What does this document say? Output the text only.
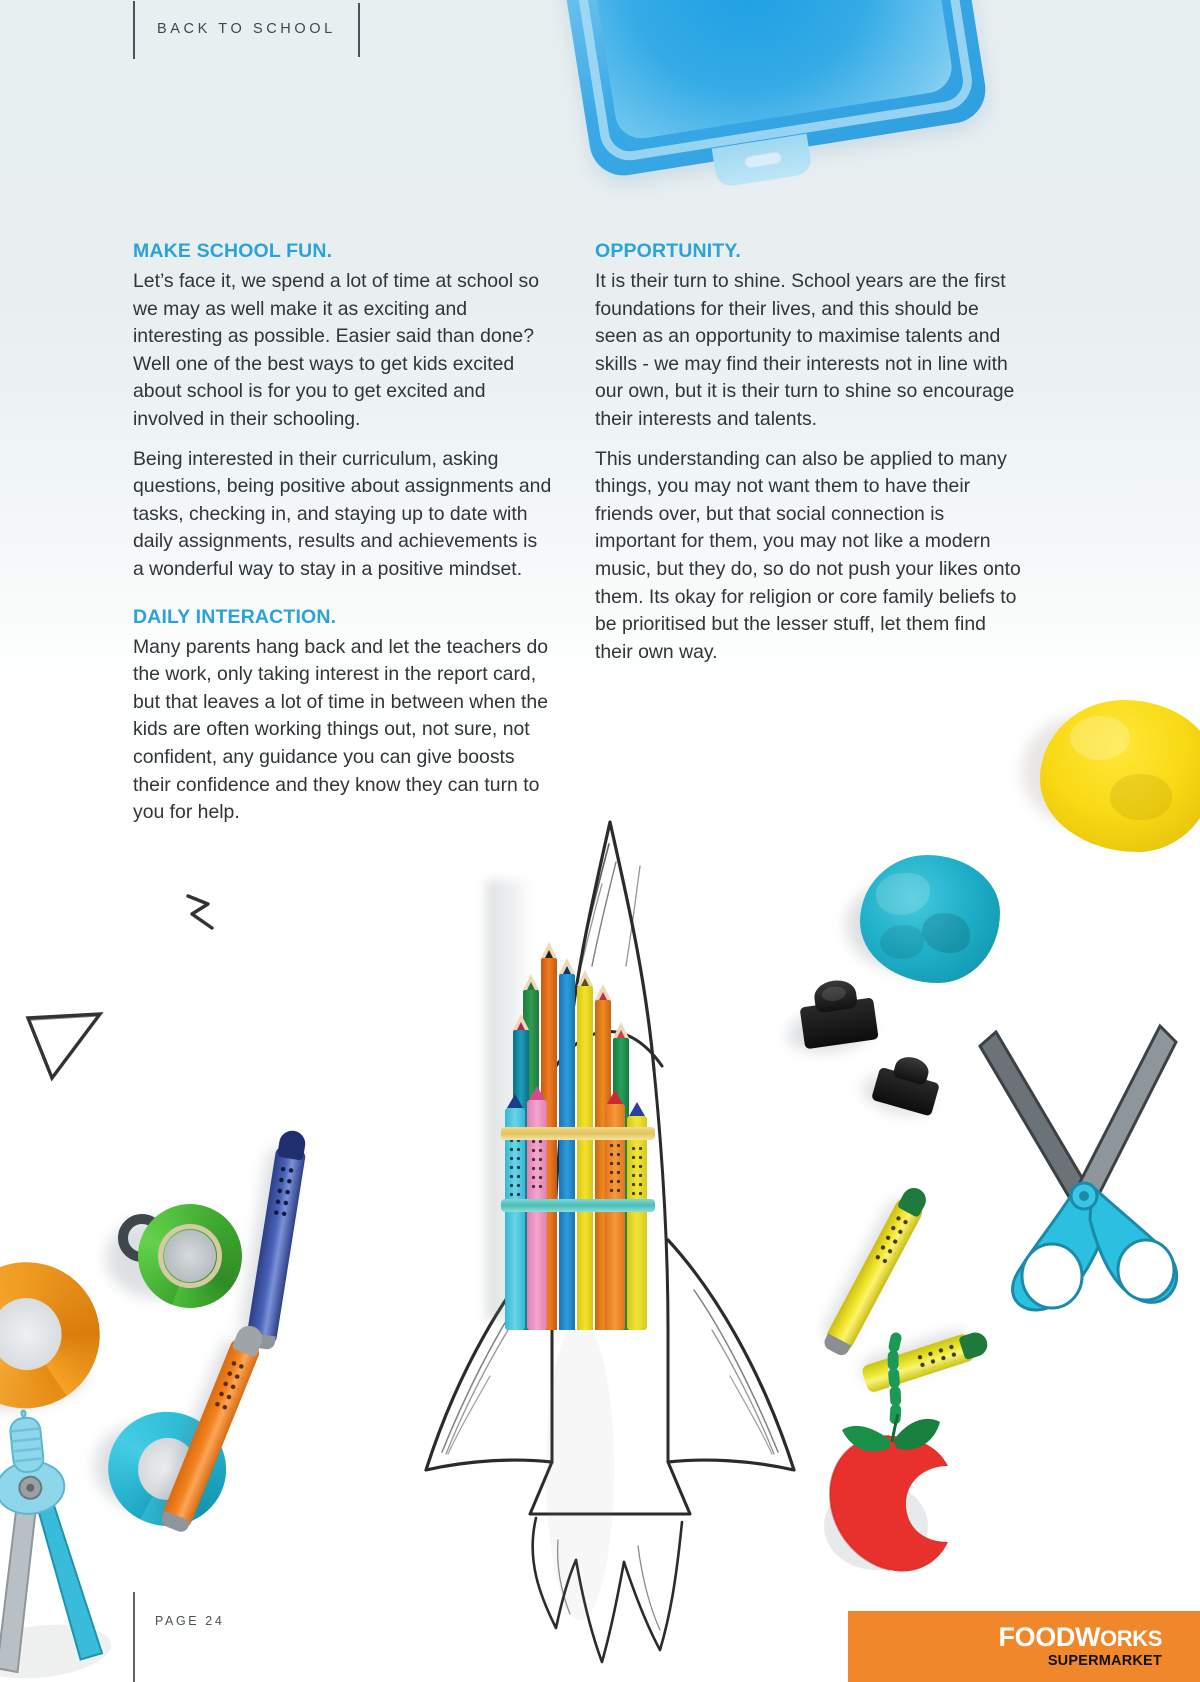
BACK TO SCHOOL
MAKE SCHOOL FUN.

Let’s face it, we spend a lot of time at school so we may as well make it as exciting and interesting as possible. Easier said than done? Well one of the best ways to get kids excited about school is for you to get excited and involved in their schooling.

Being interested in their curriculum, asking questions, being positive about assignments and tasks, checking in, and staying up to date with daily assignments, results and achievements is a wonderful way to stay in a positive mindset.

DAILY INTERACTION.

Many parents hang back and let the teachers do the work, only taking interest in the report card, but that leaves a lot of time in between when the kids are often working things out, not sure, not confident, any guidance you can give boosts their confidence and they know they can turn to you for help.

OPPORTUNITY.

It is their turn to shine. School years are the first foundations for their lives, and this should be seen as an opportunity to maximise talents and skills - we may find their interests not in line with our own, but it is their turn to shine so encourage their interests and talents.

This understanding can also be applied to many things, you may not want them to have their friends over, but that social connection is important for them, you may not like a modern music, but they do, so do not push your likes onto them. Its okay for religion or core family beliefs to be prioritised but the lesser stuff, let them find their own way.

PAGE 24
FOODWORKS
SUPERMARKET
